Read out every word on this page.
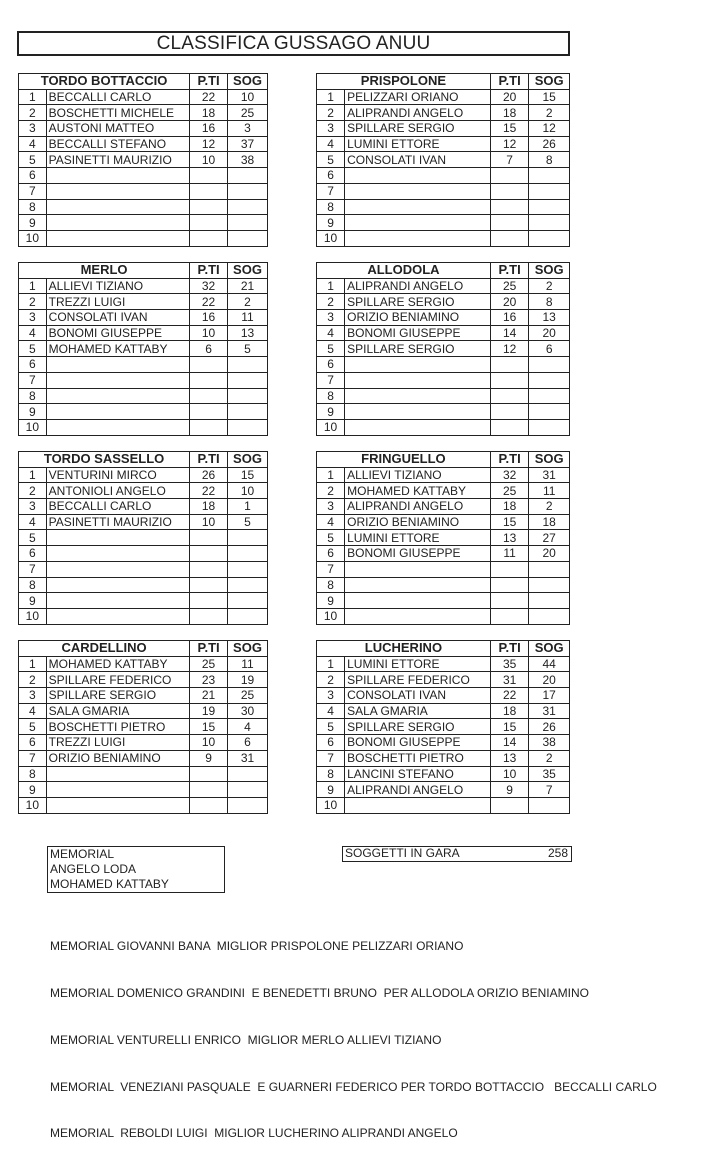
CLASSIFICA GUSSAGO ANUU
TORDO BOTTACCIO		P.TI	SOG
1	BECCALLI CARLO	22	10
2	BOSCHETTI MICHELE	18	25
3	AUSTONI MATTEO	16	3
4	BECCALLI STEFANO	12	37
5	PASINETTI MAURIZIO	10	38
6			
7			
8			
9			
10			
PRISPOLONE		P.TI	SOG
1	PELIZZARI ORIANO	20	15
2	ALIPRANDI ANGELO	18	2
3	SPILLARE SERGIO	15	12
4	LUMINI ETTORE	12	26
5	CONSOLATI IVAN	7	8
6			
7			
8			
9			
10			
MERLO		P.TI	SOG
1	ALLIEVI TIZIANO	32	21
2	TREZZI LUIGI	22	2
3	CONSOLATI IVAN	16	11
4	BONOMI GIUSEPPE	10	13
5	MOHAMED KATTABY	6	5
6			
7			
8			
9			
10			
ALLODOLA		P.TI	SOG
1	ALIPRANDI ANGELO	25	2
2	SPILLARE SERGIO	20	8
3	ORIZIO BENIAMINO	16	13
4	BONOMI GIUSEPPE	14	20
5	SPILLARE SERGIO	12	6
6			
7			
8			
9			
10			
TORDO SASSELLO		P.TI	SOG
1	VENTURINI MIRCO	26	15
2	ANTONIOLI ANGELO	22	10
3	BECCALLI CARLO	18	1
4	PASINETTI MAURIZIO	10	5
5			
6			
7			
8			
9			
10			
FRINGUELLO		P.TI	SOG
1	ALLIEVI TIZIANO	32	31
2	MOHAMED KATTABY	25	11
3	ALIPRANDI ANGELO	18	2
4	ORIZIO BENIAMINO	15	18
5	LUMINI ETTORE	13	27
6	BONOMI GIUSEPPE	11	20
7			
8			
9			
10			
CARDELLINO		P.TI	SOG
1	MOHAMED KATTABY	25	11
2	SPILLARE FEDERICO	23	19
3	SPILLARE SERGIO	21	25
4	SALA GMARIA	19	30
5	BOSCHETTI PIETRO	15	4
6	TREZZI LUIGI	10	6
7	ORIZIO BENIAMINO	9	31
8			
9			
10			
LUCHERINO		P.TI	SOG
1	LUMINI ETTORE	35	44
2	SPILLARE FEDERICO	31	20
3	CONSOLATI IVAN	22	17
4	SALA GMARIA	18	31
5	SPILLARE SERGIO	15	26
6	BONOMI GIUSEPPE	14	38
7	BOSCHETTI PIETRO	13	2
8	LANCINI STEFANO	10	35
9	ALIPRANDI ANGELO	9	7
10			
MEMORIAL
ANGELO LODA
MOHAMED KATTABY
SOGGETTI IN GARA	258

MEMORIAL GIOVANNI BANA  MIGLIOR PRISPOLONE PELIZZARI ORIANO

MEMORIAL DOMENICO GRANDINI  E BENEDETTI BRUNO  PER ALLODOLA ORIZIO BENIAMINO

MEMORIAL VENTURELLI ENRICO  MIGLIOR MERLO ALLIEVI TIZIANO

MEMORIAL  VENEZIANI PASQUALE  E GUARNERI FEDERICO PER TORDO BOTTACCIO   BECCALLI CARLO

MEMORIAL  REBOLDI LUIGI  MIGLIOR LUCHERINO ALIPRANDI ANGELO
